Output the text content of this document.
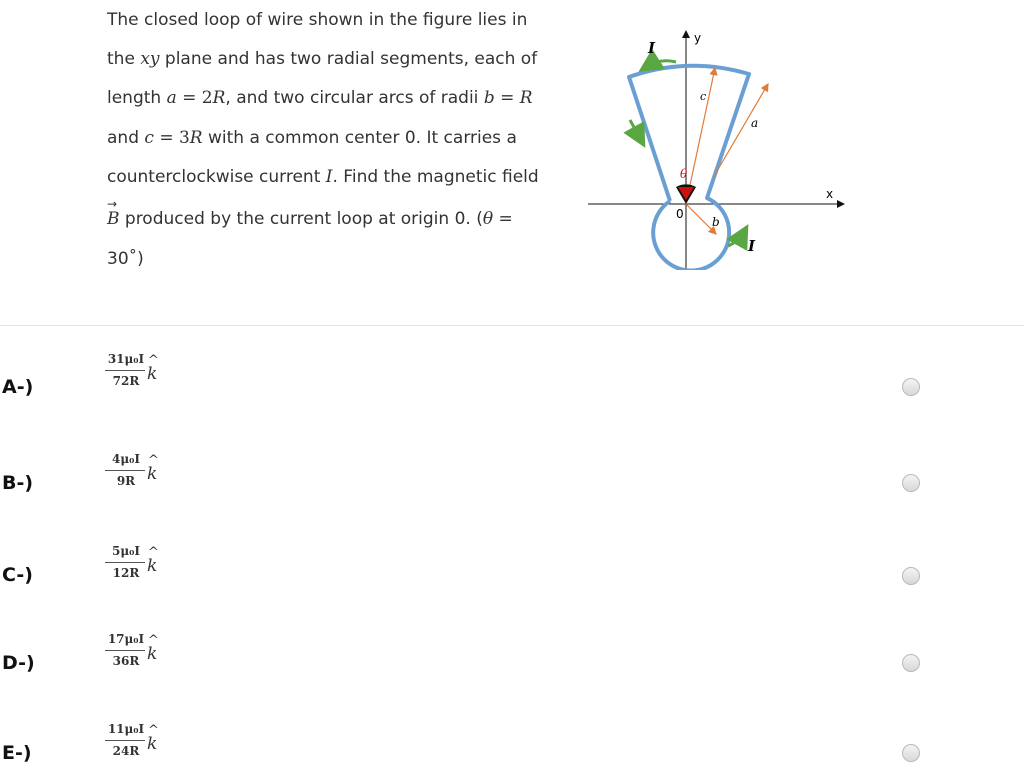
The closed loop of wire shown in the figure lies in
the xy plane and has two radial segments, each of
length a = 2R, and two circular arcs of radii b = R
and c = 3R with a common center 0. It carries a
counterclockwise current I. Find the magnetic field
→
B produced by the current loop at origin 0. (θ =
30˚)
I
y
c
a
θ
x
0
b
I
A-)
31μ₀I
72R
^
k
B-)
4μ₀I
9R
^
k
C-)
5μ₀I
12R
^
k
D-)
17μ₀I
36R
^
k
E-)
11μ₀I
24R
^
k
